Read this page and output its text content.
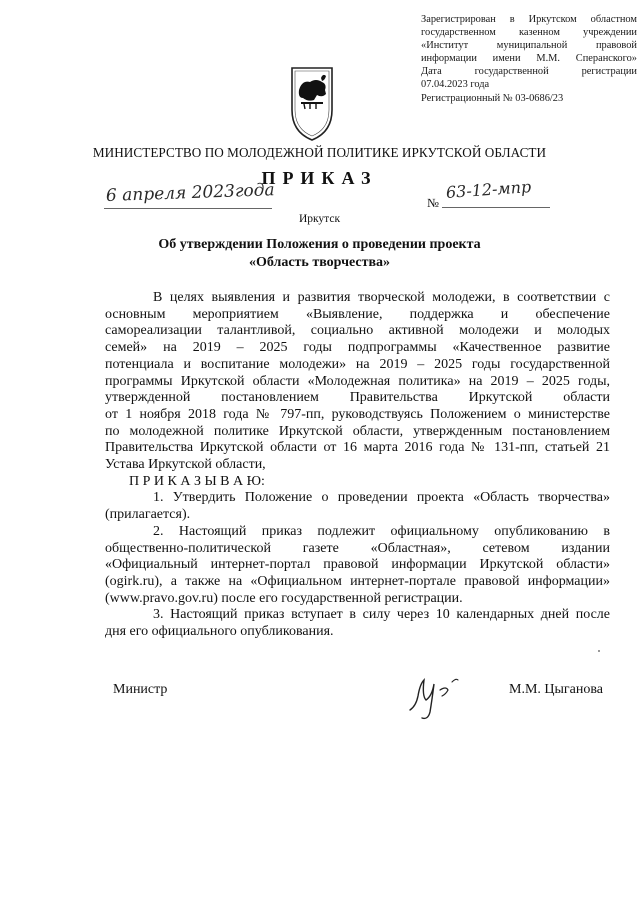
Зарегистрирован в Иркутском областном
государственном казенном учреждении
«Институт муниципальной правовой
информации имени М.М. Сперанского»
Дата государственной регистрации
07.04.2023 года
Регистрационный № 03-0686/23
МИНИСТЕРСТВО ПО МОЛОДЕЖНОЙ ПОЛИТИКЕ ИРКУТСКОЙ ОБЛАСТИ
ПРИКАЗ
6 апреля 2023года	№
63-12-мпр
Иркутск
Об утверждении Положения о проведении проекта
«Область творчества»
В целях выявления и развития творческой молодежи, в соответствии с
основным мероприятием «Выявление, поддержка и обеспечение
самореализации талантливой, социально активной молодежи и молодых
семей» на 2019 – 2025 годы подпрограммы «Качественное развитие
потенциала и воспитание молодежи» на 2019 – 2025 годы государственной
программы Иркутской области «Молодежная политика» на 2019 – 2025 годы,
утвержденной постановлением Правительства Иркутской области
от 1 ноября 2018 года № 797-пп, руководствуясь Положением о министерстве
по молодежной политике Иркутской области, утвержденным постановлением
Правительства Иркутской области от 16 марта 2016 года № 131-пп, статьей 21
Устава Иркутской области,
П Р И К А З Ы В А Ю:
1. Утвердить Положение о проведении проекта «Область творчества»
(прилагается).
2. Настоящий приказ подлежит официальному опубликованию в
общественно-политической газете «Областная», сетевом издании
«Официальный интернет-портал правовой информации Иркутской области»
(ogirk.ru), а также на «Официальном интернет-портале правовой информации»
(www.pravo.gov.ru) после его государственной регистрации.
3. Настоящий приказ вступает в силу через 10 календарных дней после
дня его официального опубликования.
Министр	М.М. Цыганова
